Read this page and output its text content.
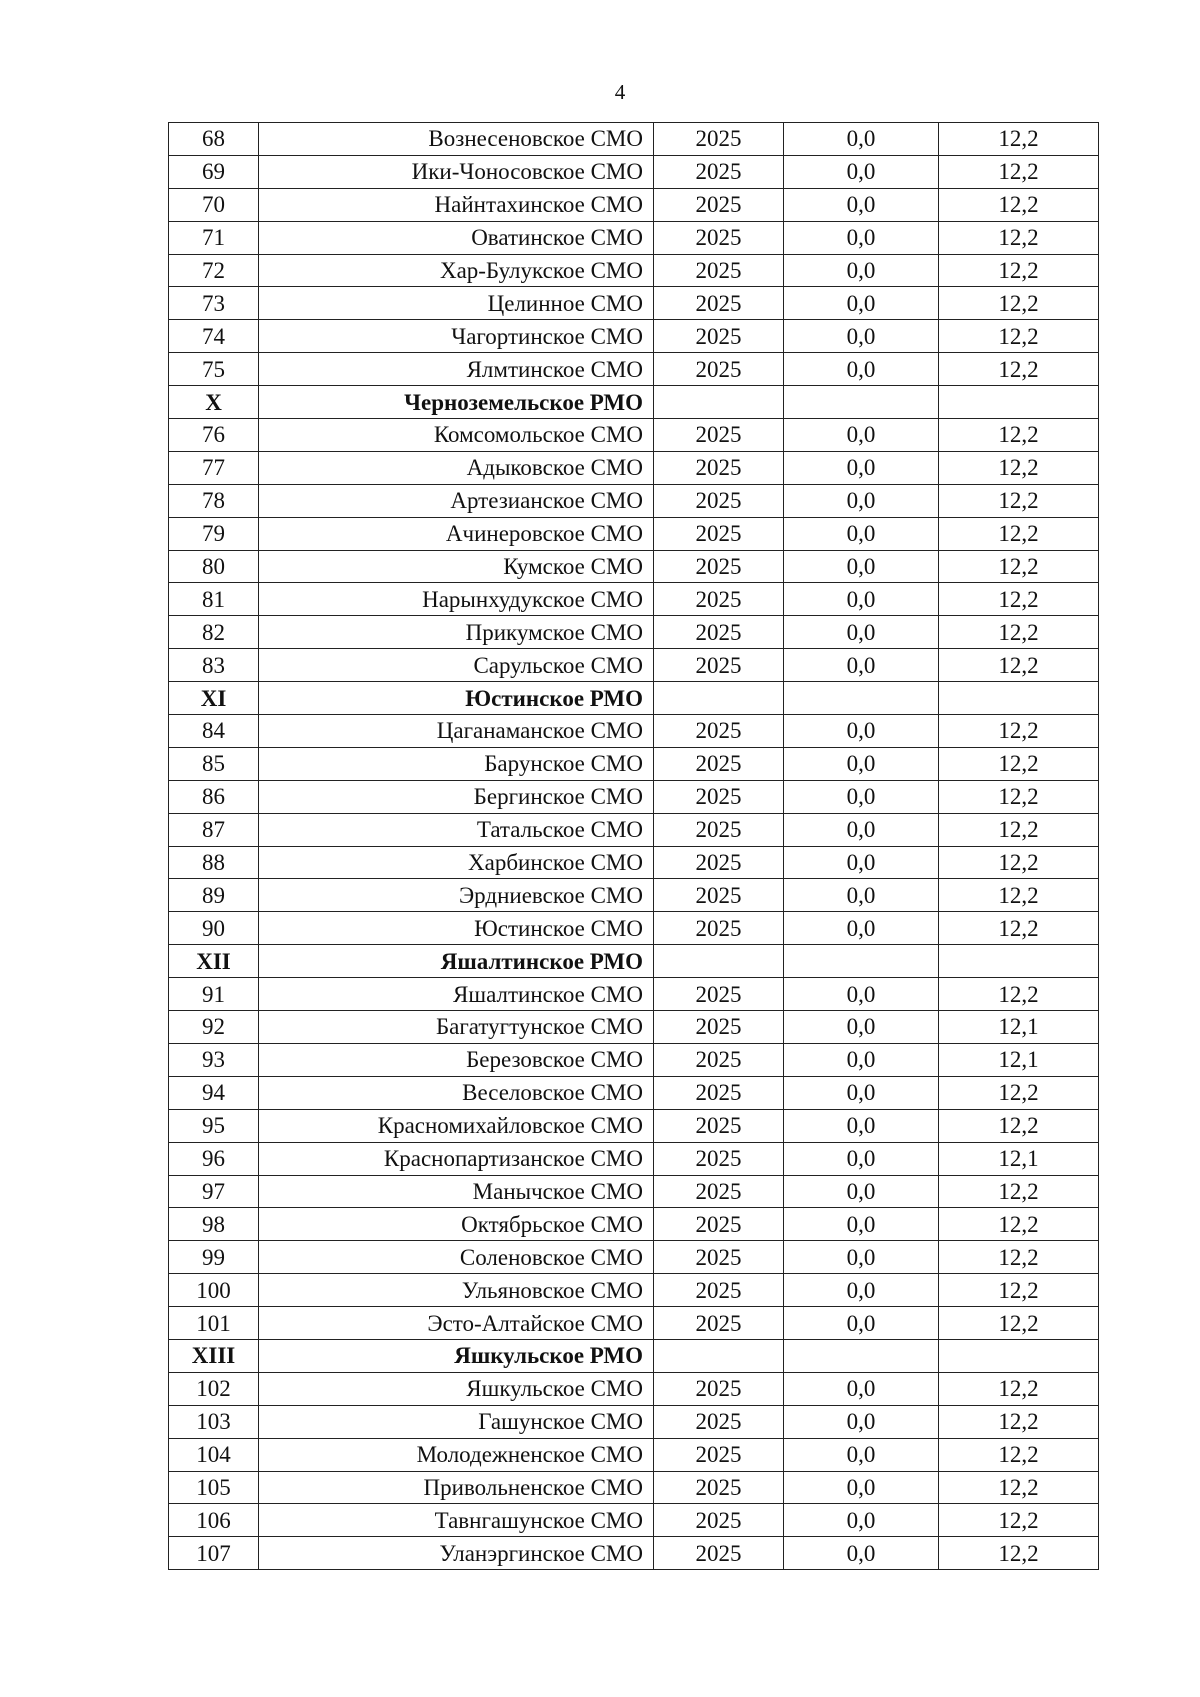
4
68	Вознесеновское СМО	2025	0,0	12,2
69	Ики-Чоносовское СМО	2025	0,0	12,2
70	Найнтахинское СМО	2025	0,0	12,2
71	Оватинское СМО	2025	0,0	12,2
72	Хар-Булукское СМО	2025	0,0	12,2
73	Целинное СМО	2025	0,0	12,2
74	Чагортинское СМО	2025	0,0	12,2
75	Ялмтинское СМО	2025	0,0	12,2
X	Черноземельское РМО			
76	Комсомольское СМО	2025	0,0	12,2
77	Адыковское СМО	2025	0,0	12,2
78	Артезианское СМО	2025	0,0	12,2
79	Ачинеровское СМО	2025	0,0	12,2
80	Кумское СМО	2025	0,0	12,2
81	Нарынхудукское СМО	2025	0,0	12,2
82	Прикумское СМО	2025	0,0	12,2
83	Сарульское СМО	2025	0,0	12,2
XI	Юстинское РМО			
84	Цаганаманское СМО	2025	0,0	12,2
85	Барунское СМО	2025	0,0	12,2
86	Бергинское СМО	2025	0,0	12,2
87	Татальское СМО	2025	0,0	12,2
88	Харбинское СМО	2025	0,0	12,2
89	Эрдниевское СМО	2025	0,0	12,2
90	Юстинское СМО	2025	0,0	12,2
XII	Яшалтинское РМО			
91	Яшалтинское СМО	2025	0,0	12,2
92	Багатугтунское СМО	2025	0,0	12,1
93	Березовское СМО	2025	0,0	12,1
94	Веселовское СМО	2025	0,0	12,2
95	Красномихайловское СМО	2025	0,0	12,2
96	Краснопартизанское СМО	2025	0,0	12,1
97	Манычское СМО	2025	0,0	12,2
98	Октябрьское СМО	2025	0,0	12,2
99	Соленовское СМО	2025	0,0	12,2
100	Ульяновское СМО	2025	0,0	12,2
101	Эсто-Алтайское СМО	2025	0,0	12,2
XIII	Яшкульское РМО			
102	Яшкульское СМО	2025	0,0	12,2
103	Гашунское СМО	2025	0,0	12,2
104	Молодежненское СМО	2025	0,0	12,2
105	Привольненское СМО	2025	0,0	12,2
106	Тавнгашунское СМО	2025	0,0	12,2
107	Уланэргинское СМО	2025	0,0	12,2
